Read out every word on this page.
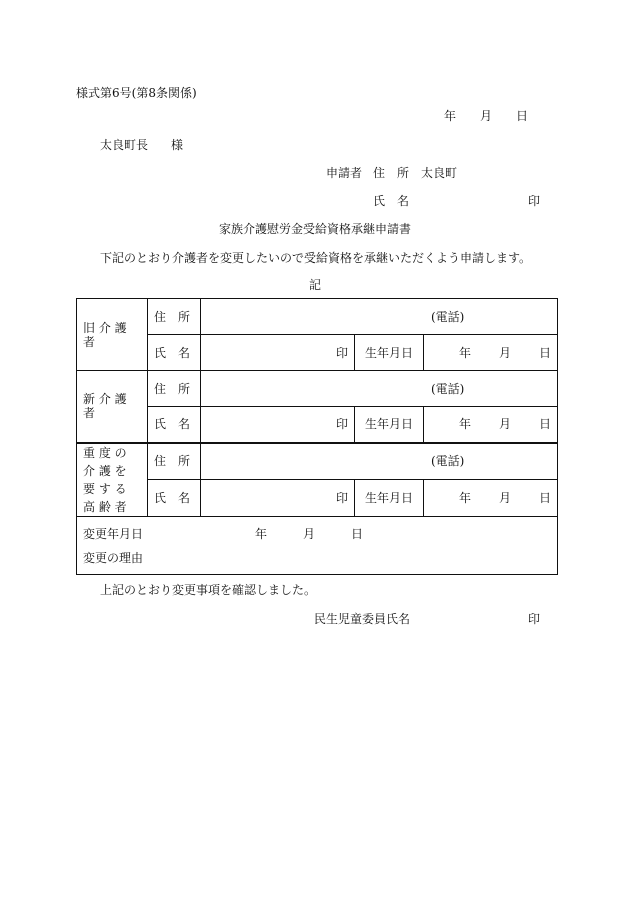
様式第6号(第8条関係)
年 月 日
太良町長 様
申請者 住　所 太良町
氏　名	印
家族介護慰労金受給資格承継申請書
下記のとおり介護者を変更したいので受給資格を承継いただくよう申請します。
記
旧 介 護 者	住　所	(電話)		
	氏　名	印	生年月日	年 月 日

新 介 護 者	住　所	(電話)		
	氏　名	印	生年月日	年 月 日

重 度 の 介 護 を 要 す る 高 齢 者	住　所	(電話)		
	氏　名	印	生年月日	年 月 日

変更年月日 年 月 日
変更の理由				
上記のとおり変更事項を確認しました。
民生児童委員氏名	印
